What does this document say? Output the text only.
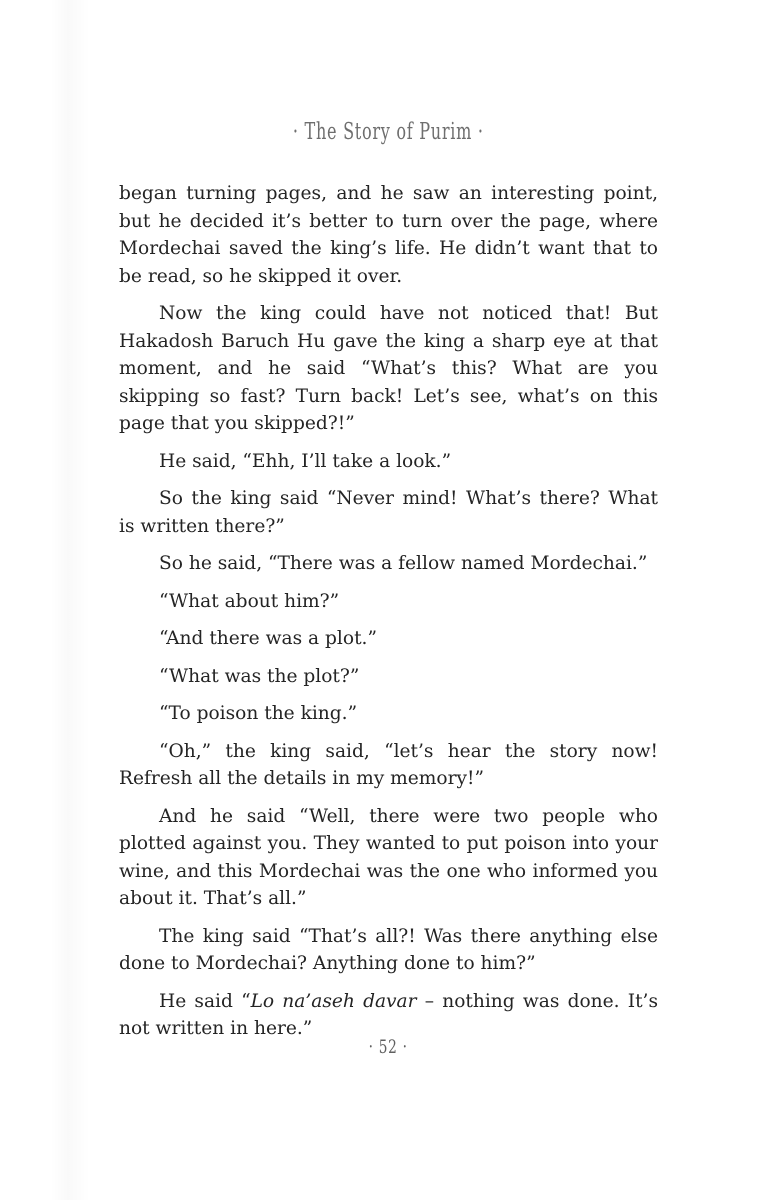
· The Story of Purim ·

began turning pages, and he saw an interesting point, but he decided it’s better to turn over the page, where Mordechai saved the king’s life. He didn’t want that to be read, so he skipped it over.

Now the king could have not noticed that! But Hakadosh Baruch Hu gave the king a sharp eye at that moment, and he said “What’s this? What are you skipping so fast? Turn back! Let’s see, what’s on this page that you skipped?!”

He said, “Ehh, I’ll take a look.”

So the king said “Never mind! What’s there? What is written there?”

So he said, “There was a fellow named Mordechai.”

“What about him?”

“And there was a plot.”

“What was the plot?”

“To poison the king.”

“Oh,” the king said, “let’s hear the story now! Refresh all the details in my memory!”

And he said “Well, there were two people who plotted against you. They wanted to put poison into your wine, and this Mordechai was the one who informed you about it. That’s all.”

The king said “That’s all?! Was there anything else done to Mordechai? Anything done to him?”

He said “Lo na’aseh davar – nothing was done. It’s not written in here.”

· 52 ·
